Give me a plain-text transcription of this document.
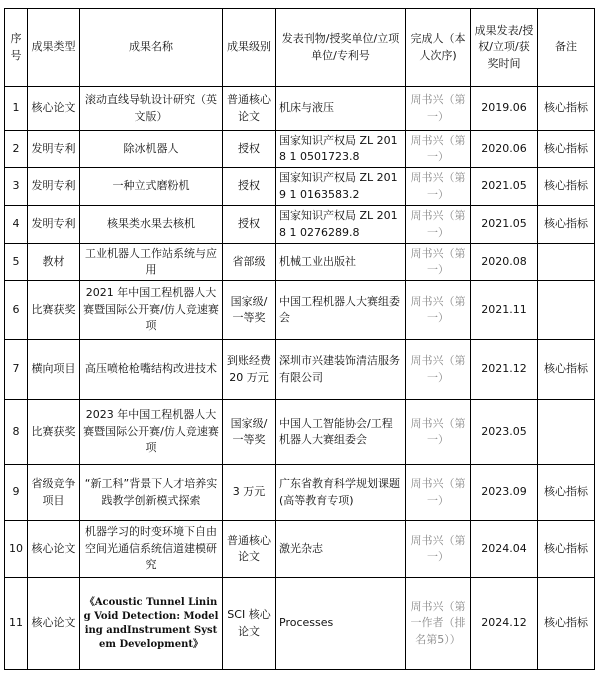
序号	成果类型	成果名称	成果级别	发表刊物/授奖单位/立项单位/专利号	完成人（本人次序)	成果发表/授权/立项/获奖时间	备注
1	核心论文	滚动直线导轨设计研究（英文版）	普通核心论文	机床与液压	周书兴（第一）	2019.06	核心指标
2	发明专利	除冰机器人	授权	国家知识产权局 ZL 2018 1 0501723.8	周书兴（第一）	2020.06	核心指标
3	发明专利	一种立式磨粉机	授权	国家知识产权局 ZL 2019 1 0163583.2	周书兴（第一）	2021.05	核心指标
4	发明专利	核果类水果去核机	授权	国家知识产权局 ZL 2018 1 0276289.8	周书兴（第一）	2021.05	核心指标
5	教材	工业机器人工作站系统与应用	省部级	机械工业出版社	周书兴（第一）	2020.08	
6	比赛获奖	2021 年中国工程机器人大赛暨国际公开赛/仿人竞速赛项	国家级/一等奖	中国工程机器人大赛组委会	周书兴（第一）	2021.11	
7	横向项目	高压喷枪枪嘴结构改进技术	到账经费 20 万元	深圳市兴建装饰清洁服务有限公司	周书兴（第一）	2021.12	核心指标
8	比赛获奖	2023 年中国工程机器人大赛暨国际公开赛/仿人竞速赛项	国家级/一等奖	中国人工智能协会/工程机器人大赛组委会	周书兴（第一）	2023.05	
9	省级竞争项目	“新工科”背景下人才培养实践教学创新模式探索	3 万元	广东省教育科学规划课题(高等教育专项)	周书兴（第一）	2023.09	核心指标
10	核心论文	机器学习的时变环境下自由空间光通信系统信道建模研究	普通核心论文	激光杂志	周书兴（第一）	2024.04	核心指标
11	核心论文	《Acoustic Tunnel Lining Void Detection: Modeling andInstrument System Development》	SCI 核心论文	Processes	周书兴（第一作者（排名第5））	2024.12	核心指标
